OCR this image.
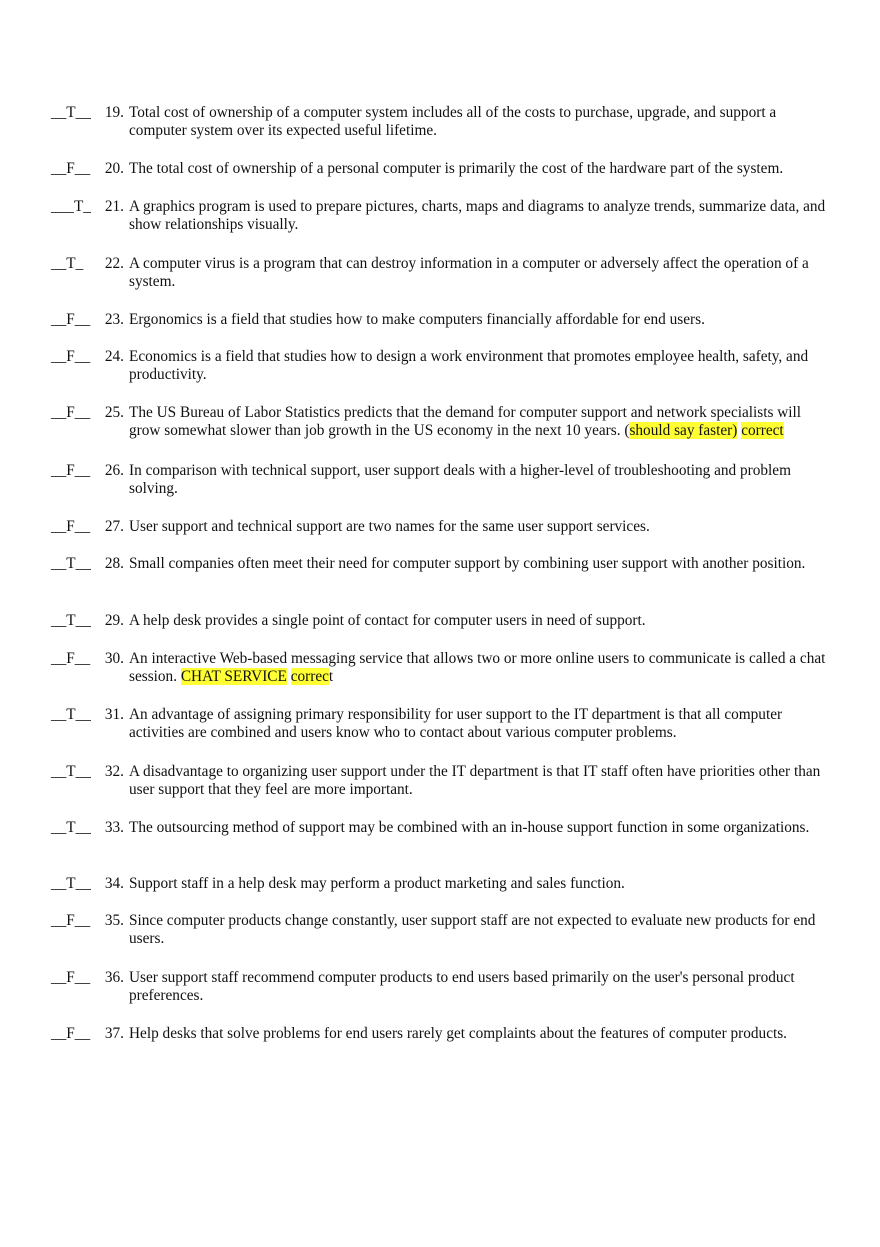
__T__ 19. Total cost of ownership of a computer system includes all of the costs to purchase, upgrade, and support a computer system over its expected useful lifetime.
__F__ 20. The total cost of ownership of a personal computer is primarily the cost of the hardware part of the system.
___T_ 21. A graphics program is used to prepare pictures, charts, maps and diagrams to analyze trends, summarize data, and show relationships visually.
__T_	22. A computer virus is a program that can destroy information in a computer or adversely affect the operation of a system.
__F__ 23. Ergonomics is a field that studies how to make computers financially affordable for end users.
__F__ 24. Economics is a field that studies how to design a work environment that promotes employee health, safety, and productivity.
__F__ 25. The US Bureau of Labor Statistics predicts that the demand for computer support and network specialists will grow somewhat slower than job growth in the US economy in the next 10 years. (should say faster) correct
__F__ 26. In comparison with technical support, user support deals with a higher-level of troubleshooting and problem solving.
__F__ 27. User support and technical support are two names for the same user support services.
__T__ 28. Small companies often meet their need for computer support by combining user support with another position.
__T__ 29. A help desk provides a single point of contact for computer users in need of support.
__F__ 30. An interactive Web-based messaging service that allows two or more online users to communicate is called a chat session. CHAT SERVICE correct
__T__ 31. An advantage of assigning primary responsibility for user support to the IT department is that all computer activities are combined and users know who to contact about various computer problems.
__T__ 32. A disadvantage to organizing user support under the IT department is that IT staff often have priorities other than user support that they feel are more important.
__T__ 33. The outsourcing method of support may be combined with an in-house support function in some organizations.
__T__ 34. Support staff in a help desk may perform a product marketing and sales function.
__F__ 35. Since computer products change constantly, user support staff are not expected to evaluate new products for end users.
__F__ 36. User support staff recommend computer products to end users based primarily on the user's personal product preferences.
__F__ 37. Help desks that solve problems for end users rarely get complaints about the features of computer products.
